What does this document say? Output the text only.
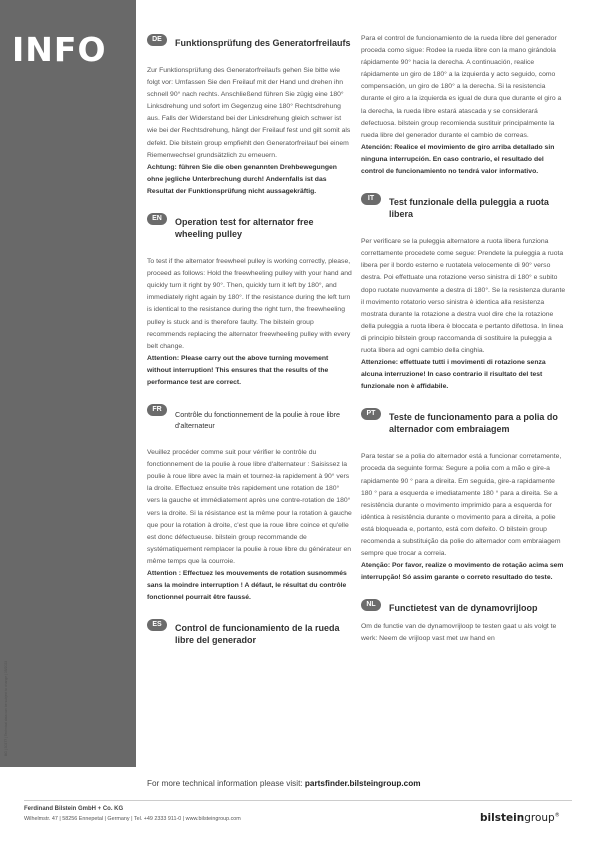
INFO
BG | 30377 | Technical data can be subject to change | 05/2023
DE	Funktionsprüfung des Generatorfreilaufs

Zur Funktionsprüfung des Generatorfreilaufs gehen Sie bitte wie folgt vor: Umfassen Sie den Freilauf mit der Hand und drehen ihn schnell 90° nach rechts. Anschließend führen Sie zügig eine 180° Linksdrehung und sofort im Gegenzug eine 180° Rechtsdrehung aus. Falls der Widerstand bei der Linksdrehung gleich schwer ist wie bei der Rechtsdrehung, hängt der Freilauf fest und gilt somit als defekt. Die bilstein group empfiehlt den Generatorfreilauf bei einem Riemenwechsel grundsätzlich zu erneuern.

Achtung: führen Sie die oben genannten Drehbewegungen ohne jegliche Unterbrechung durch! Andernfalls ist das Resultat der Funktionsprüfung nicht aussagekräftig.

EN	Operation test for alternator free wheeling pulley

To test if the alternator freewheel pulley is working correctly, please, proceed as follows: Hold the freewheeling pulley with your hand and quickly turn it right by 90°. Then, quickly turn it left by 180°, and immediately right again by 180°. If the resistance during the left turn is identical to the resistance during the right turn, the freewheeling pulley is stuck and is therefore faulty. The bilstein group recommends replacing the alternator freewheeling pulley with every belt change.

Attention: Please carry out the above turning movement without interruption! This ensures that the results of the performance test are correct.

FR
Contrôle du fonctionnement de la poulie à roue libre d'alternateur

Veuillez procéder comme suit pour vérifier le contrôle du fonctionnement de la poulie à roue libre d'alternateur : Saisissez la poulie à roue libre avec la main et tournez-la rapidement à 90° vers la droite. Effectuez ensuite très rapidement une rotation de 180° vers la gauche et immédiatement après une contre-rotation de 180° vers la droite. Si la résistance est la même pour la rotation à gauche que pour la rotation à droite, c'est que la roue libre coince et qu'elle est donc défectueuse. bilstein group recommande de systématiquement remplacer la poulie à roue libre du générateur en même temps que la courroie.

Attention : Effectuez les mouvements de rotation susnommés sans la moindre interruption ! A défaut, le résultat du contrôle fonctionnel pourrait être faussé.

ES	Control de funcionamiento de la rueda libre del generador

Para el control de funcionamiento de la rueda libre del generador proceda como sigue: Rodee la rueda libre con la mano girándola rápidamente 90° hacia la derecha. A continuación, realice rápidamente un giro de 180° a la izquierda y acto seguido, como compensación, un giro de 180° a la derecha. Si la resistencia durante el giro a la izquierda es igual de dura que durante el giro a la derecha, la rueda libre estará atascada y se considerará defectuosa. bilstein group recomienda sustituir principalmente la rueda libre del generador durante el cambio de correas.

Atención: Realice el movimiento de giro arriba detallado sin ninguna interrupción. En caso contrario, el resultado del control de funcionamiento no tendrá valor informativo.

IT	Test funzionale della puleggia a ruota libera

Per verificare se la puleggia alternatore a ruota libera funziona correttamente procedete come segue: Prendete la puleggia a ruota libera per il bordo esterno e ruotatela velocemente di 90° verso destra. Poi effettuate una rotazione verso sinistra di 180° e subito dopo ruotate nuovamente a destra di 180°. Se la resistenza durante il movimento rotatorio verso sinistra è identica alla resistenza mostrata durante la rotazione a destra vuol dire che la rotazione della puleggia a ruota libera è bloccata e pertanto difettosa. In linea di principio bilstein group raccomanda di sostituire la puleggia a ruota libera ad ogni cambio della cinghia.

Attenzione: effettuate tutti i movimenti di rotazione senza alcuna interruzione! In caso contrario il risultato del test funzionale non è affidabile.

PT	Teste de funcionamento para a polia do alternador com embraiagem

Para testar se a polia do alternador está a funcionar corretamente, proceda da seguinte forma: Segure a polia com a mão e gire-a rapidamente 90 ° para a direita. Em seguida, gire-a rapidamente 180 ° para a esquerda e imediatamente 180 ° para a direita. Se a resistência durante o movimento imprimido para a esquerda for idêntica à resistência durante o movimento para a direita, a polie está bloqueada e, portanto, está com defeito. O bilstein group recomenda a substituição da polie do alternador com embraiagem sempre que trocar a correia.

Atenção: Por favor, realize o movimento de rotação acima sem interrupção! Só assim garante o correto resultado do teste.

NL	Functietest van de dynamovrijloop

Om de functie van de dynamovrijloop te testen gaat u als volgt te werk: Neem de vrijloop vast met uw hand en

For more technical information please visit: partsfinder.bilsteingroup.com
Ferdinand Bilstein GmbH + Co. KG
Wilhelmstr. 47 | 58256 Ennepetal | Germany | Tel. +49 2333 911-0 | www.bilsteingroup.com	bilsteingroup®
